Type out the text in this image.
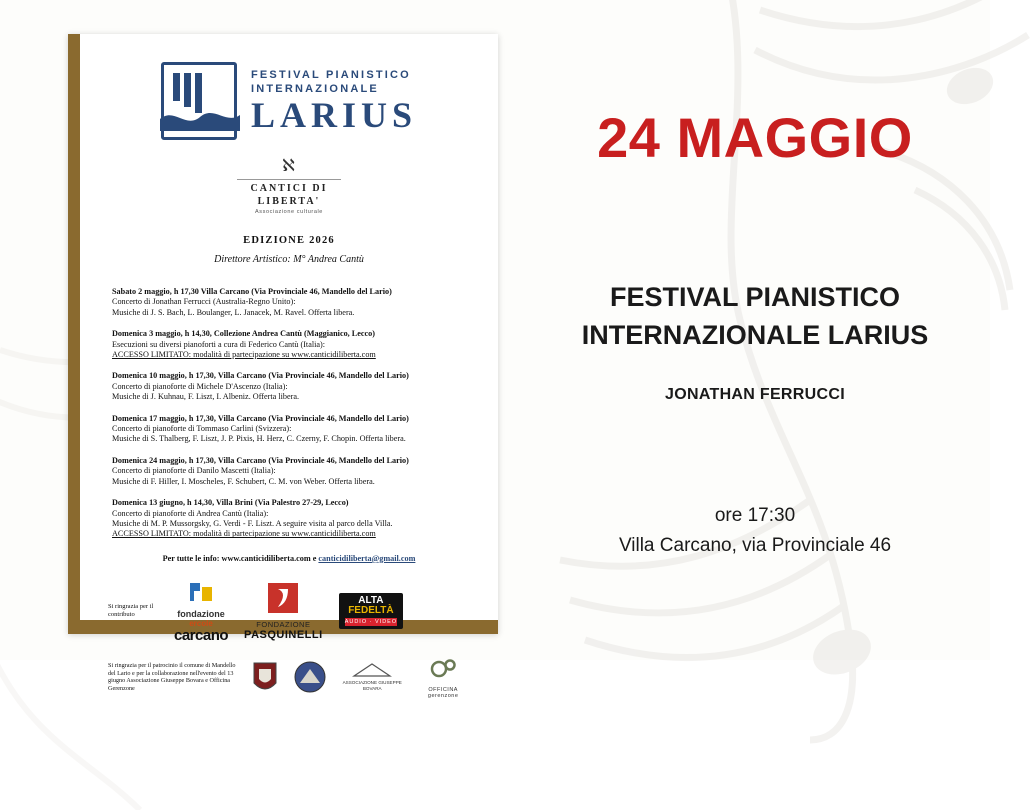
FESTIVAL PIANISTICO
INTERNAZIONALE
LARIUS
ℵ
CANTICI DI
LIBERTA'
Associazione culturale
EDIZIONE 2026
Direttore Artistico: M° Andrea Cantù
Sabato 2 maggio, h 17,30 Villa Carcano (Via Provinciale 46, Mandello del Lario)
Concerto di Jonathan Ferrucci (Australia-Regno Unito):
Musiche di J. S. Bach, L. Boulanger, L. Janacek, M. Ravel. Offerta libera.
Domenica 3 maggio, h 14,30, Collezione Andrea Cantù (Maggianico, Lecco)
Esecuzioni su diversi pianoforti a cura di Federico Cantù (Italia):
ACCESSO LIMITATO: modalità di partecipazione su www.canticidiliberta.com
Domenica 10 maggio, h 17,30, Villa Carcano (Via Provinciale 46, Mandello del Lario)
Concerto di pianoforte di Michele D'Ascenzo (Italia):
Musiche di J. Kuhnau, F. Liszt, I. Albeniz. Offerta libera.
Domenica 17 maggio, h 17,30, Villa Carcano (Via Provinciale 46, Mandello del Lario)
Concerto di pianoforte di Tommaso Carlini (Svizzera):
Musiche di S. Thalberg, F. Liszt, J. P. Pixis, H. Herz, C. Czerny, F. Chopin. Offerta libera.
Domenica 24 maggio, h 17,30, Villa Carcano (Via Provinciale 46, Mandello del Lario)
Concerto di pianoforte di Danilo Mascetti (Italia):
Musiche di F. Hiller, I. Moscheles, F. Schubert, C. M. von Weber. Offerta libera.
Domenica 13 giugno, h 14,30, Villa Brini (Via Palestro 27-29, Lecco)
Concerto di pianoforte di Andrea Cantù (Italia):
Musiche di M. P. Mussorgsky, G. Verdi - F. Liszt. A seguire visita al parco della Villa.
ACCESSO LIMITATO: modalità di partecipazione su www.canticidiliberta.com
Per tutte le info: www.canticidiliberta.com e canticidiliberta@gmail.com
Si ringrazia per il contributo	fondazione
ercole
carcano
FONDAZIONE
PASQUINELLI
ALTA
FEDELTÀ
AUDIO · VIDEO
Si ringrazia per il patrocinio il comune di Mandello del Lario e per la collaborazione nell'evento del 13 giugno Associazione Giuseppe Bovara e Officina Gerenzone
ASSOCIAZIONE GIUSEPPE BOVARA	OFFICINA gerenzone
24 MAGGIO
FESTIVAL PIANISTICO
INTERNAZIONALE LARIUS
JONATHAN FERRUCCI
ore 17:30
Villa Carcano, via Provinciale 46
